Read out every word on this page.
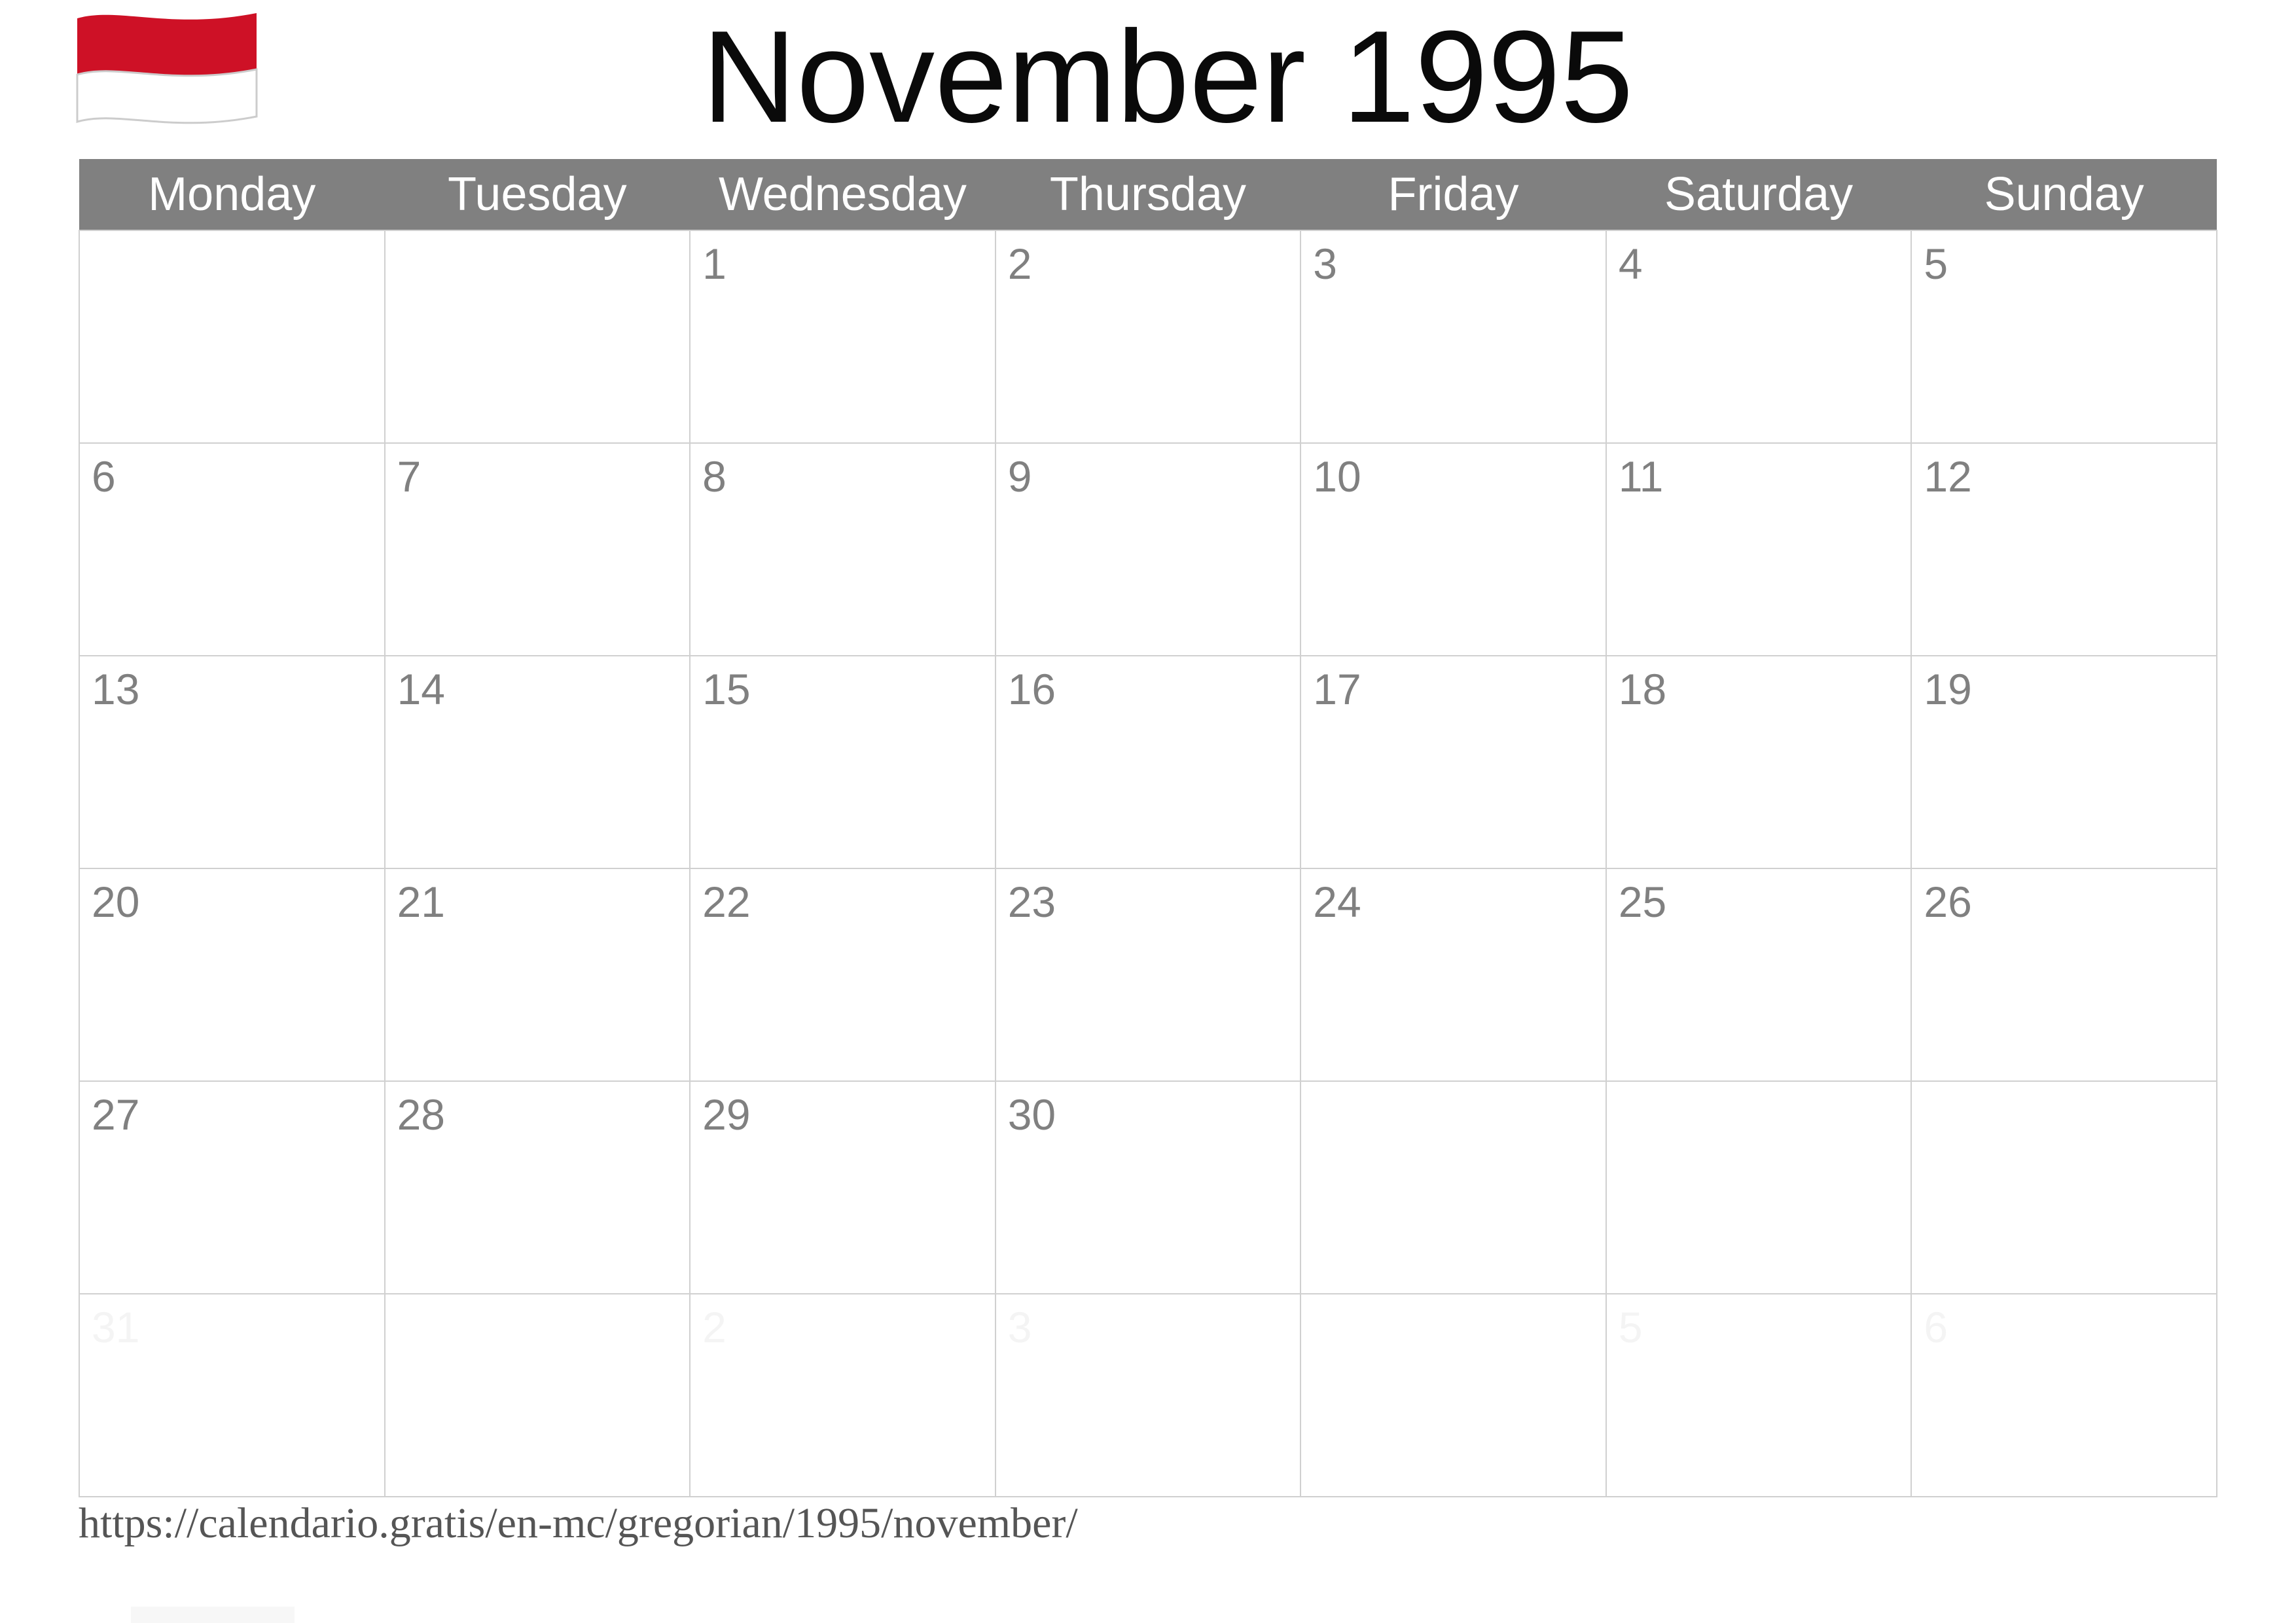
November 1995
Monday	Tuesday	Wednesday	Thursday	Friday	Saturday	Sunday

		1	2	3	4	5

6	7	8	9	10	11	12

13	14	15	16	17	18	19

20	21	22	23	24	25	26

27	28	29	30			

31		2	3		5	6
https://calendario.gratis/en-mc/gregorian/1995/november/
